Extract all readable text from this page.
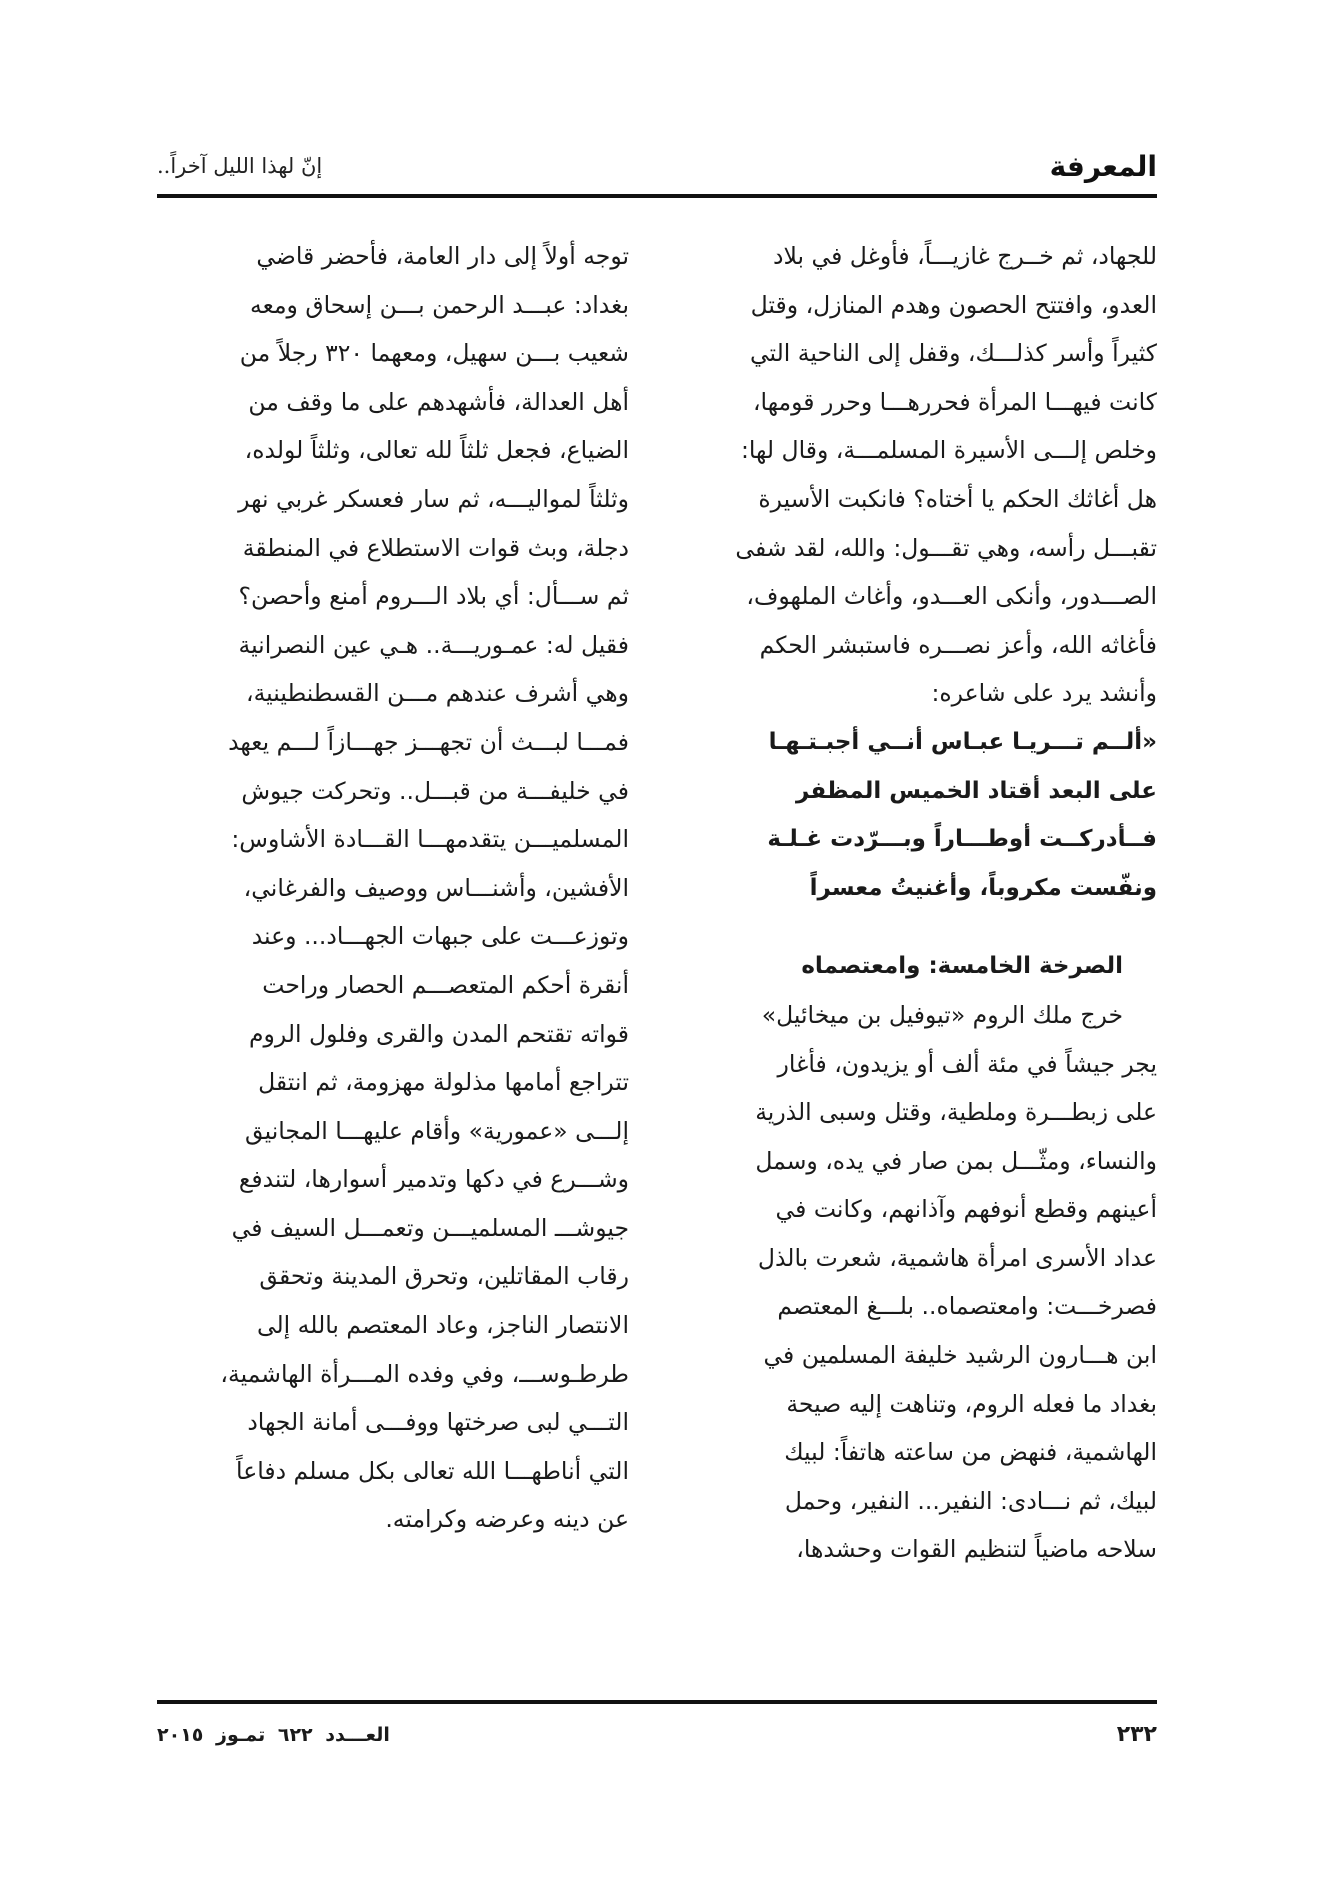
المعرفة
إنّ لهذا الليل آخراً..
للجهاد، ثم خــرج غازيـــاً، فأوغل في بلاد
العدو، وافتتح الحصون وهدم المنازل، وقتل
كثيراً وأسر كذلـــك، وقفل إلى الناحية التي
كانت فيهـــا المرأة فحررهـــا وحرر قومها،
وخلص إلـــى الأسيرة المسلمـــة، وقال لها:
هل أغاثك الحكم يا أختاه؟ فانكبت الأسيرة
تقبـــل رأسه، وهي تقـــول: والله، لقد شفى
الصـــدور، وأنكى العـــدو، وأغاث الملهوف،
فأغاثه الله، وأعز نصـــره فاستبشر الحكم
وأنشد يرد على شاعره:
«ألــم تـــريـا عبـاس أنــي أجبـتـهـا
على البعد أقتاد الخميس المظفر
فــأدركــت أوطـــاراً وبـــرّدت غـلـة
ونفّست مكروباً، وأغنيتُ معسراً
الصرخة الخامسة: وامعتصماه
خرج ملك الروم «تيوفيل بن ميخائيل»
يجر جيشاً في مئة ألف أو يزيدون، فأغار
على زبطـــرة وملطية، وقتل وسبى الذرية
والنساء، ومثّـــل بمن صار في يده، وسمل
أعينهم وقطع أنوفهم وآذانهم، وكانت في
عداد الأسرى امرأة هاشمية، شعرت بالذل
فصرخـــت: وامعتصماه.. بلـــغ المعتصم
ابن هـــارون الرشيد خليفة المسلمين في
بغداد ما فعله الروم، وتناهت إليه صيحة
الهاشمية، فنهض من ساعته هاتفاً: لبيك
لبيك، ثم نـــادى: النفير... النفير، وحمل
سلاحه ماضياً لتنظيم القوات وحشدها،
توجه أولاً إلى دار العامة، فأحضر قاضي
بغداد: عبـــد الرحمن بـــن إسحاق ومعه
شعيب بـــن سهيل، ومعهما ٣٢٠ رجلاً من
أهل العدالة، فأشهدهم على ما وقف من
الضياع، فجعل ثلثاً لله تعالى، وثلثاً لولده،
وثلثاً لمواليـــه، ثم سار فعسكر غربي نهر
دجلة، وبث قوات الاستطلاع في المنطقة
ثم ســـأل: أي بلاد الـــروم أمنع وأحصن؟
فقيل له: عمـوريـــة.. هـي عين النصرانية
وهي أشرف عندهم مـــن القسطنطينية،
فمـــا لبـــث أن تجهـــز جهـــازاً لـــم يعهد
في خليفـــة من قبـــل.. وتحركت جيوش
المسلميـــن يتقدمهـــا القـــادة الأشاوس:
الأفشين، وأشنـــاس ووصيف والفرغاني،
وتوزعـــت على جبهات الجهـــاد... وعند
أنقرة أحكم المتعصـــم الحصار وراحت
قواته تقتحم المدن والقرى وفلول الروم
تتراجع أمامها مذلولة مهزومة، ثم انتقل
إلـــى «عمورية» وأقام عليهـــا المجانيق
وشـــرع في دكها وتدمير أسوارها، لتندفع
جيوشـــ المسلميـــن وتعمـــل السيف في
رقاب المقاتلين، وتحرق المدينة وتحقق
الانتصار الناجز، وعاد المعتصم بالله إلى
طرطـوســـ، وفي وفده المـــرأة الهاشمية،
التـــي لبى صرختها ووفـــى أمانة الجهاد
التي أناطهـــا الله تعالى بكل مسلم دفاعاً
عن دينه وعرضه وكرامته.
٢٣٢
العـــدد ٦٢٢ تمـوز ٢٠١٥
